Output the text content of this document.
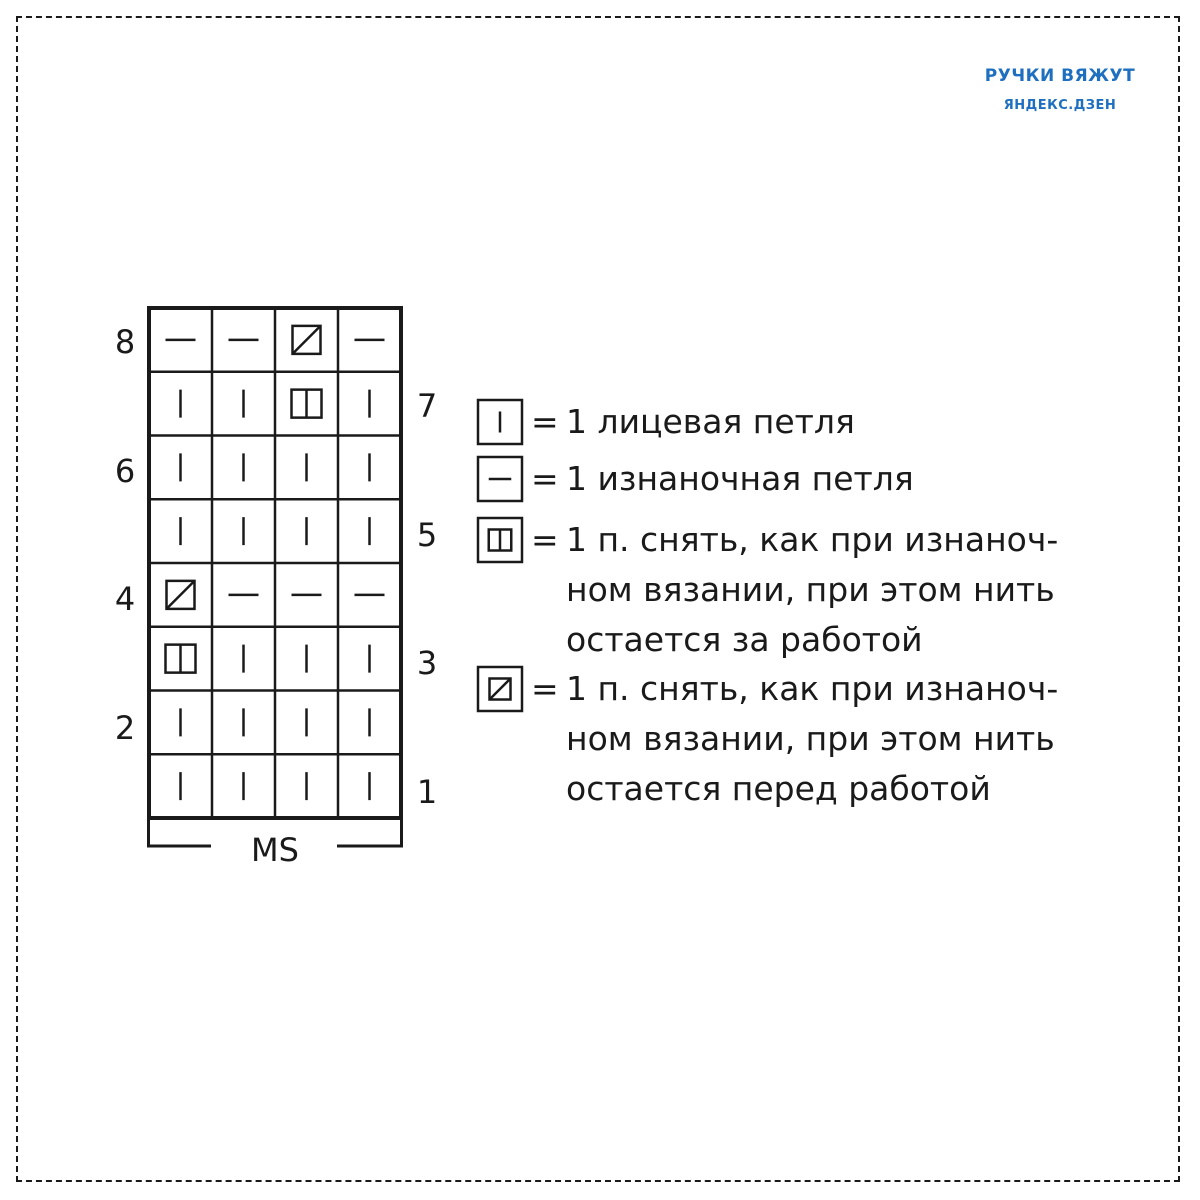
РУЧКИ ВЯЖУТ
ЯНДЕКС.ДЗЕН
8
7
6
5
4
3
2
1
MS
= 1 лицевая петля
= 1 изнаночная петля
= 1 п. снять, как при изнаноч-
ном вязании, при этом нить
остается за работой
= 1 п. снять, как при изнаноч-
ном вязании, при этом нить
остается перед работой
